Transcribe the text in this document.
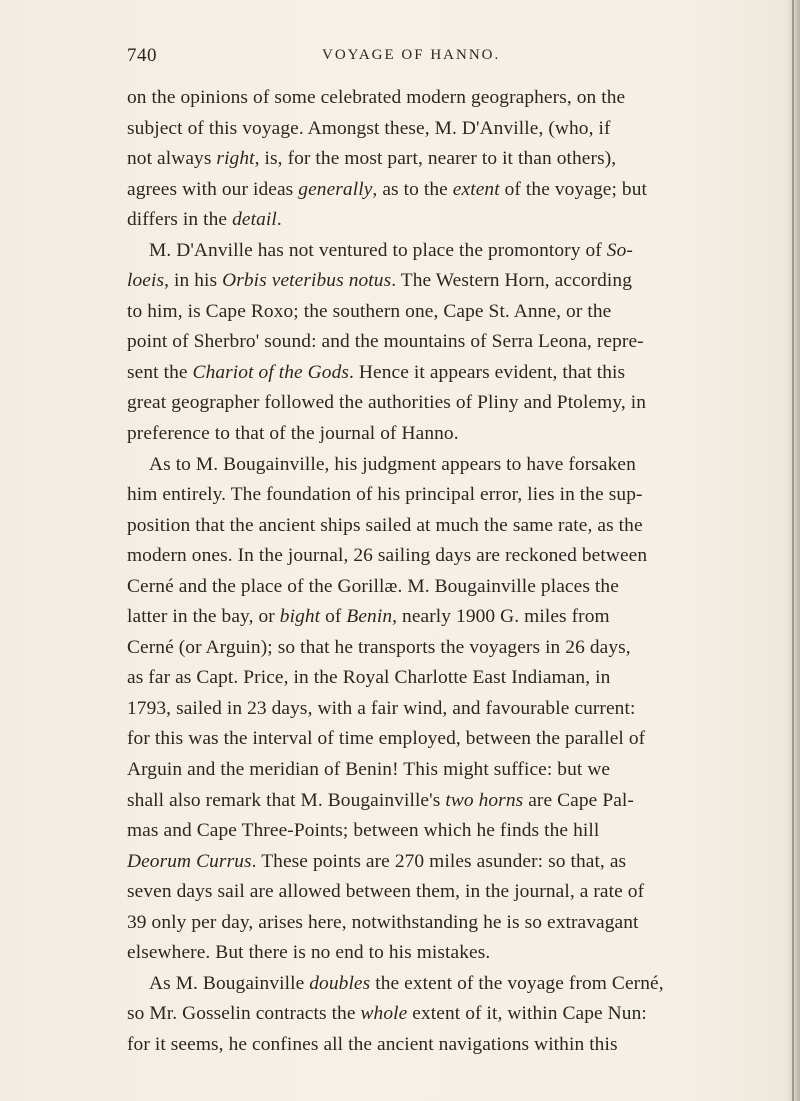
740	VOYAGE OF HANNO.
on the opinions of some celebrated modern geographers, on the
subject of this voyage. Amongst these, M. D'Anville, (who, if
not always right, is, for the most part, nearer to it than others),
agrees with our ideas generally, as to the extent of the voyage; but
differs in the detail.
M. D'Anville has not ventured to place the promontory of So-
loeis, in his Orbis veteribus notus. The Western Horn, according
to him, is Cape Roxo; the southern one, Cape St. Anne, or the
point of Sherbro' sound: and the mountains of Serra Leona, repre-
sent the Chariot of the Gods. Hence it appears evident, that this
great geographer followed the authorities of Pliny and Ptolemy, in
preference to that of the journal of Hanno.
As to M. Bougainville, his judgment appears to have forsaken
him entirely. The foundation of his principal error, lies in the sup-
position that the ancient ships sailed at much the same rate, as the
modern ones. In the journal, 26 sailing days are reckoned between
Cerné and the place of the Gorillæ. M. Bougainville places the
latter in the bay, or bight of Benin, nearly 1900 G. miles from
Cerné (or Arguin); so that he transports the voyagers in 26 days,
as far as Capt. Price, in the Royal Charlotte East Indiaman, in
1793, sailed in 23 days, with a fair wind, and favourable current:
for this was the interval of time employed, between the parallel of
Arguin and the meridian of Benin! This might suffice: but we
shall also remark that M. Bougainville's two horns are Cape Pal-
mas and Cape Three-Points; between which he finds the hill
Deorum Currus. These points are 270 miles asunder: so that, as
seven days sail are allowed between them, in the journal, a rate of
39 only per day, arises here, notwithstanding he is so extravagant
elsewhere. But there is no end to his mistakes.
As M. Bougainville doubles the extent of the voyage from Cerné,
so Mr. Gosselin contracts the whole extent of it, within Cape Nun:
for it seems, he confines all the ancient navigations within this
